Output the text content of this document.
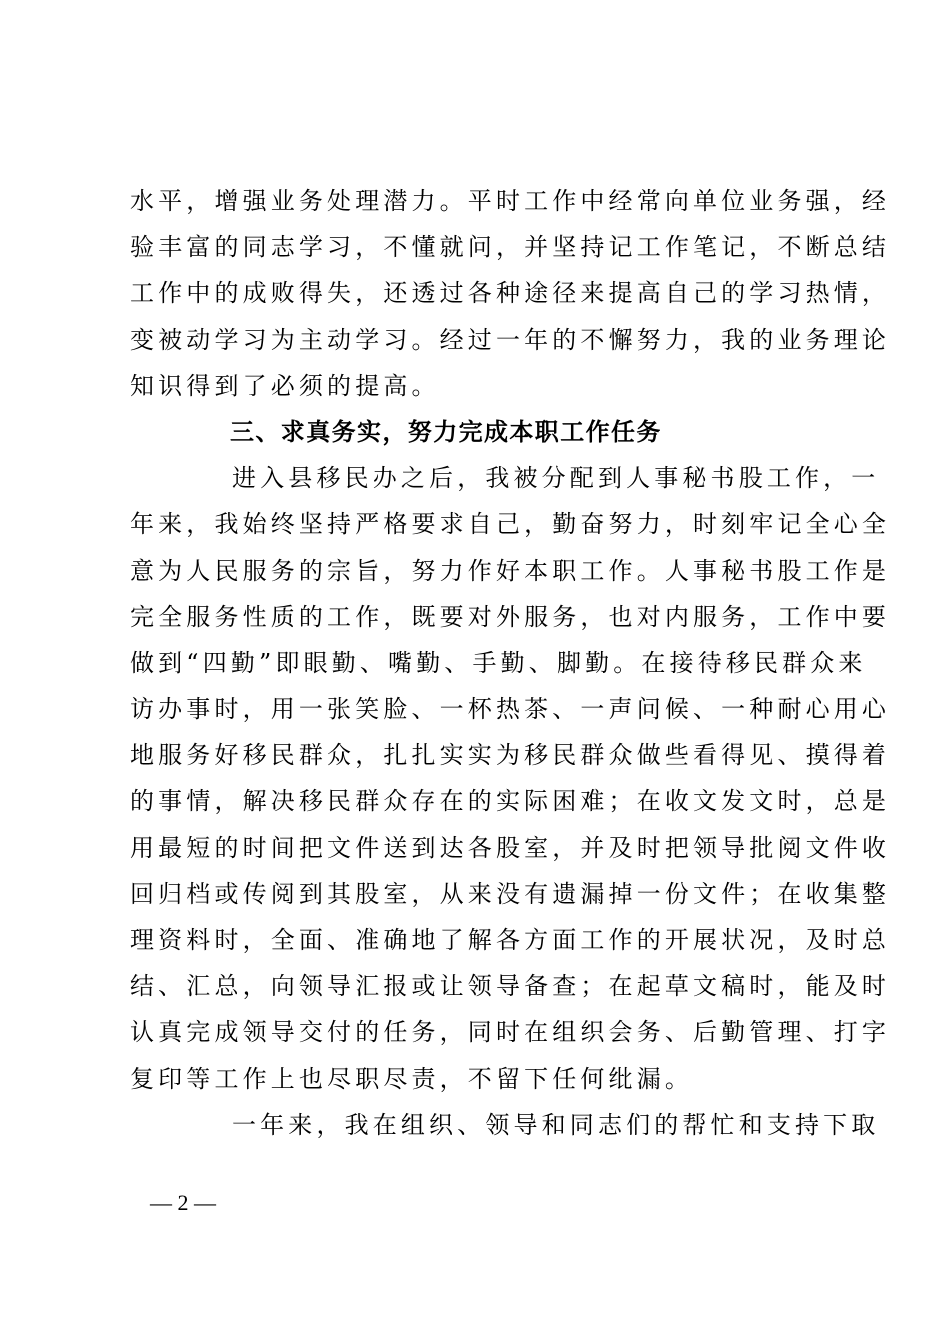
水平，增强业务处理潜力。平时工作中经常向单位业务强，经
验丰富的同志学习，不懂就问，并坚持记工作笔记，不断总结
工作中的成败得失，还透过各种途径来提高自己的学习热情，
变被动学习为主动学习。经过一年的不懈努力，我的业务理论
知识得到了必须的提高。
三、求真务实，努力完成本职工作任务
进入县移民办之后，我被分配到人事秘书股工作，一
年来，我始终坚持严格要求自己，勤奋努力，时刻牢记全心全
意为人民服务的宗旨，努力作好本职工作。人事秘书股工作是
完全服务性质的工作，既要对外服务，也对内服务，工作中要
做到“四勤”即眼勤、嘴勤、手勤、脚勤。在接待移民群众来
访办事时，用一张笑脸、一杯热茶、一声问候、一种耐心用心
地服务好移民群众，扎扎实实为移民群众做些看得见、摸得着
的事情，解决移民群众存在的实际困难；在收文发文时，总是
用最短的时间把文件送到达各股室，并及时把领导批阅文件收
回归档或传阅到其股室，从来没有遗漏掉一份文件；在收集整
理资料时，全面、准确地了解各方面工作的开展状况，及时总
结、汇总，向领导汇报或让领导备查；在起草文稿时，能及时
认真完成领导交付的任务，同时在组织会务、后勤管理、打字
复印等工作上也尽职尽责，不留下任何纰漏。
一年来，我在组织、领导和同志们的帮忙和支持下取
— 2 —
